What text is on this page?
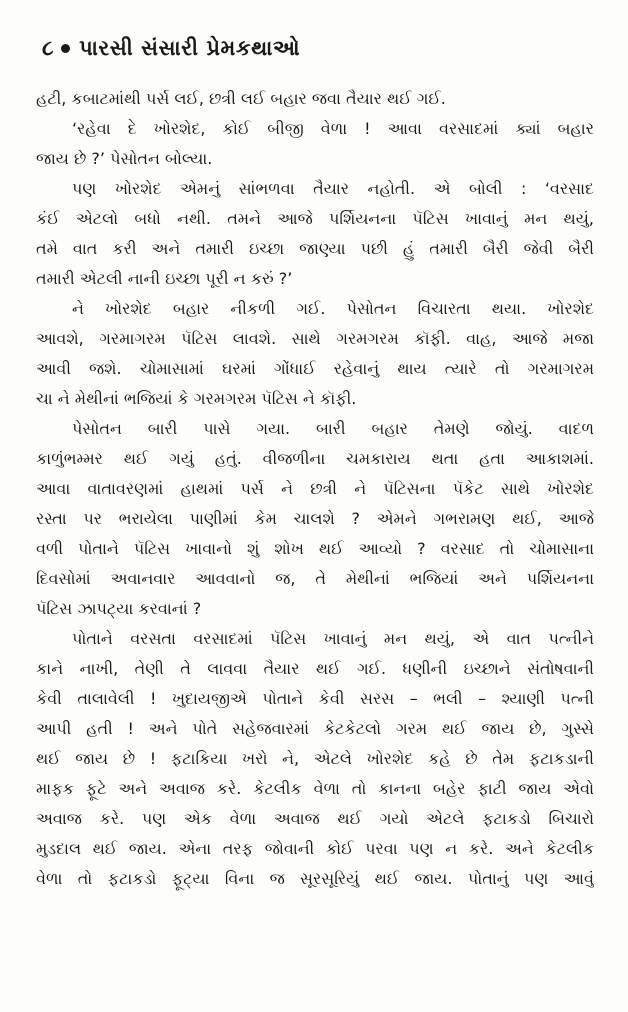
૮ પારસી સંસારી પ્રેમકથાઓ
હટી, કબાટમાંથી પર્સ લઈ, છત્રી લઈ બહાર જવા તૈયાર થઈ ગઈ.
‘રહેવા દે ખોરશેદ, કોઈ બીજી વેળા ! આવા વરસાદમાં ક્યાં બહાર
જાય છે ?’ પેસોતન બોલ્યા.
પણ ખોરશેદ એમનું સાંભળવા તૈયાર નહોતી. એ બોલી : ‘વરસાદ
કંઈ એટલો બધો નથી. તમને આજે પર્શિયનના પૅટિસ ખાવાનું મન થયું,
તમે વાત કરી અને તમારી ઇચ્છા જાણ્યા પછી હું તમારી બૈરી જેવી બૈરી
તમારી એટલી નાની ઇચ્છા પૂરી ન કરું ?’
ને ખોરશેદ બહાર નીકળી ગઈ. પેસોતન વિચારતા થયા. ખોરશેદ
આવશે, ગરમાગરમ પૅટિસ લાવશે. સાથે ગરમગરમ કૉફી. વાહ, આજે મજા
આવી જશે. ચોમાસામાં ઘરમાં ગોંધાઈ રહેવાનું થાય ત્યારે તો ગરમાગરમ
ચા ને મેથીનાં ભજિયાં કે ગરમગરમ પૅટિસ ને કૉફી.
પેસોતન બારી પાસે ગયા. બારી બહાર તેમણે જોયું. વાદળ
કાળુંભમ્મર થઈ ગયું હતું. વીજળીના ચમકારાય થતા હતા આકાશમાં.
આવા વાતાવરણમાં હાથમાં પર્સ ને છત્રી ને પૅટિસના પૅકેટ સાથે ખોરશેદ
રસ્તા પર ભરાયેલા પાણીમાં કેમ ચાલશે ? એમને ગભરામણ થઈ, આજે
વળી પોતાને પૅટિસ ખાવાનો શું શોખ થઈ આવ્યો ? વરસાદ તો ચોમાસાના
દિવસોમાં અવાનવાર આવવાનો જ, તે મેથીનાં ભજિયાં અને પર્શિયનના
પૅટિસ ઝાપટ્યા કરવાનાં ?
પોતાને વરસતા વરસાદમાં પૅટિસ ખાવાનું મન થયું, એ વાત પત્નીને
કાને નાખી, તેણી તે લાવવા તૈયાર થઈ ગઈ. ધણીની ઇચ્છાને સંતોષવાની
કેવી તાલાવેલી ! ખુદાયજીએ પોતાને કેવી સરસ – ભલી – શ્યાણી પત્ની
આપી હતી ! અને પોતે સહેજવારમાં કેટકેટલો ગરમ થઈ જાય છે, ગુસ્સે
થઈ જાય છે ! ફટાકિયા ખરો ને, એટલે ખોરશેદ કહે છે તેમ ફટાકડાની
માફક ફૂટે અને અવાજ કરે. કેટલીક વેળા તો કાનના બહેર ફાટી જાય એવો
અવાજ કરે. પણ એક વેળા અવાજ થઈ ગયો એટલે ફટાકડો બિચારો
મુડદાલ થઈ જાય. એના તરફ જોવાની કોઈ પરવા પણ ન કરે. અને કેટલીક
વેળા તો ફટાકડો ફૂટ્યા વિના જ સૂરસૂરિયું થઈ જાય. પોતાનું પણ આવું
